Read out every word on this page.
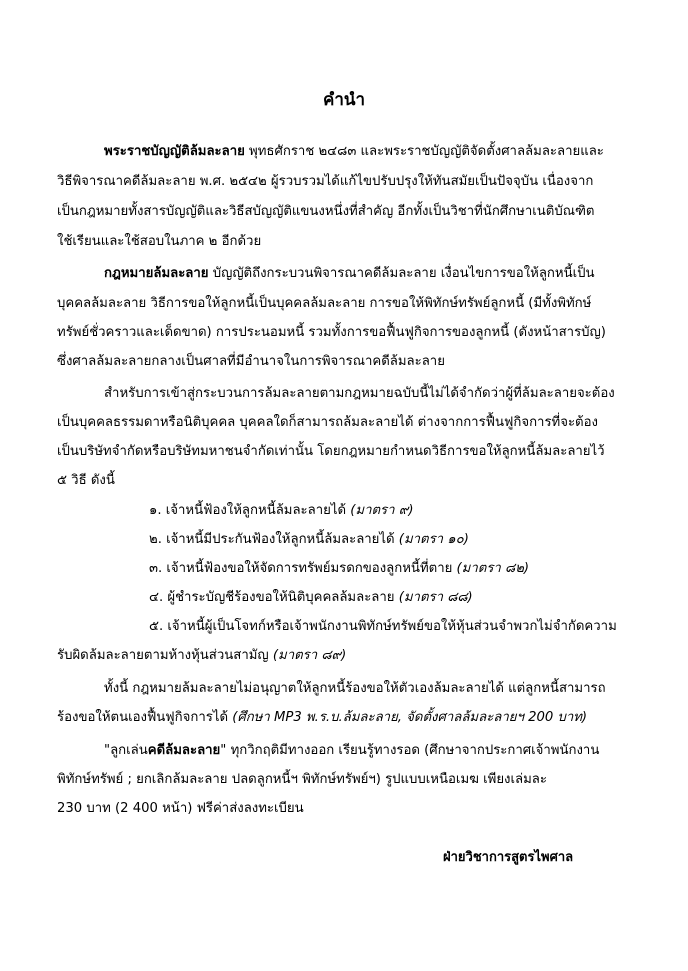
คำนำ
พระราชบัญญัติล้มละลาย พุทธศักราช ๒๔๘๓ และพระราชบัญญัติจัดตั้งศาลล้มละลายและ
วิธีพิจารณาคดีล้มละลาย พ.ศ. ๒๕๔๒ ผู้รวบรวมได้แก้ไขปรับปรุงให้ทันสมัยเป็นปัจจุบัน เนื่องจาก
เป็นกฎหมายทั้งสารบัญญัติและวิธีสบัญญัติแขนงหนึ่งที่สำคัญ อีกทั้งเป็นวิชาที่นักศึกษาเนติบัณฑิต
ใช้เรียนและใช้สอบในภาค ๒ อีกด้วย
กฎหมายล้มละลาย บัญญัติถึงกระบวนพิจารณาคดีล้มละลาย เงื่อนไขการขอให้ลูกหนี้เป็น
บุคคลล้มละลาย วิธีการขอให้ลูกหนี้เป็นบุคคลล้มละลาย การขอให้พิทักษ์ทรัพย์ลูกหนี้ (มีทั้งพิทักษ์
ทรัพย์ชั่วคราวและเด็ดขาด) การประนอมหนี้ รวมทั้งการขอฟื้นฟูกิจการของลูกหนี้ (ดังหน้าสารบัญ)
ซึ่งศาลล้มละลายกลางเป็นศาลที่มีอำนาจในการพิจารณาคดีล้มละลาย
สำหรับการเข้าสู่กระบวนการล้มละลายตามกฎหมายฉบับนี้ไม่ได้จำกัดว่าผู้ที่ล้มละลายจะต้อง
เป็นบุคคลธรรมดาหรือนิติบุคคล บุคคลใดก็สามารถล้มละลายได้ ต่างจากการฟื้นฟูกิจการที่จะต้อง
เป็นบริษัทจำกัดหรือบริษัทมหาชนจำกัดเท่านั้น โดยกฎหมายกำหนดวิธีการขอให้ลูกหนี้ล้มละลายไว้
๕ วิธี ดังนี้
๑. เจ้าหนี้ฟ้องให้ลูกหนี้ล้มละลายได้ (มาตรา ๙)
๒. เจ้าหนี้มีประกันฟ้องให้ลูกหนี้ล้มละลายได้ (มาตรา ๑๐)
๓. เจ้าหนี้ฟ้องขอให้จัดการทรัพย์มรดกของลูกหนี้ที่ตาย (มาตรา ๘๒)
๔. ผู้ชำระบัญชีร้องขอให้นิติบุคคลล้มละลาย (มาตรา ๘๘)
๕. เจ้าหนี้ผู้เป็นโจทก์หรือเจ้าพนักงานพิทักษ์ทรัพย์ขอให้หุ้นส่วนจำพวกไม่จำกัดความ
รับผิดล้มละลายตามห้างหุ้นส่วนสามัญ (มาตรา ๘๙)
ทั้งนี้ กฎหมายล้มละลายไม่อนุญาตให้ลูกหนี้ร้องขอให้ตัวเองล้มละลายได้ แต่ลูกหนี้สามารถ
ร้องขอให้ตนเองฟื้นฟูกิจการได้ (ศึกษา MP3 พ.ร.บ.ล้มละลาย, จัดตั้งศาลล้มละลายฯ 200 บาท)
"ลูกเล่นคดีล้มละลาย" ทุกวิกฤติมีทางออก เรียนรู้ทางรอด (ศึกษาจากประกาศเจ้าพนักงาน
พิทักษ์ทรัพย์ ; ยกเลิกล้มละลาย ปลดลูกหนี้ฯ พิทักษ์ทรัพย์ฯ) รูปแบบเหนือเมฆ เพียงเล่มละ
230 บาท (2 400 หน้า) ฟรีค่าส่งลงทะเบียน
ฝ่ายวิชาการสูตรไพศาล
